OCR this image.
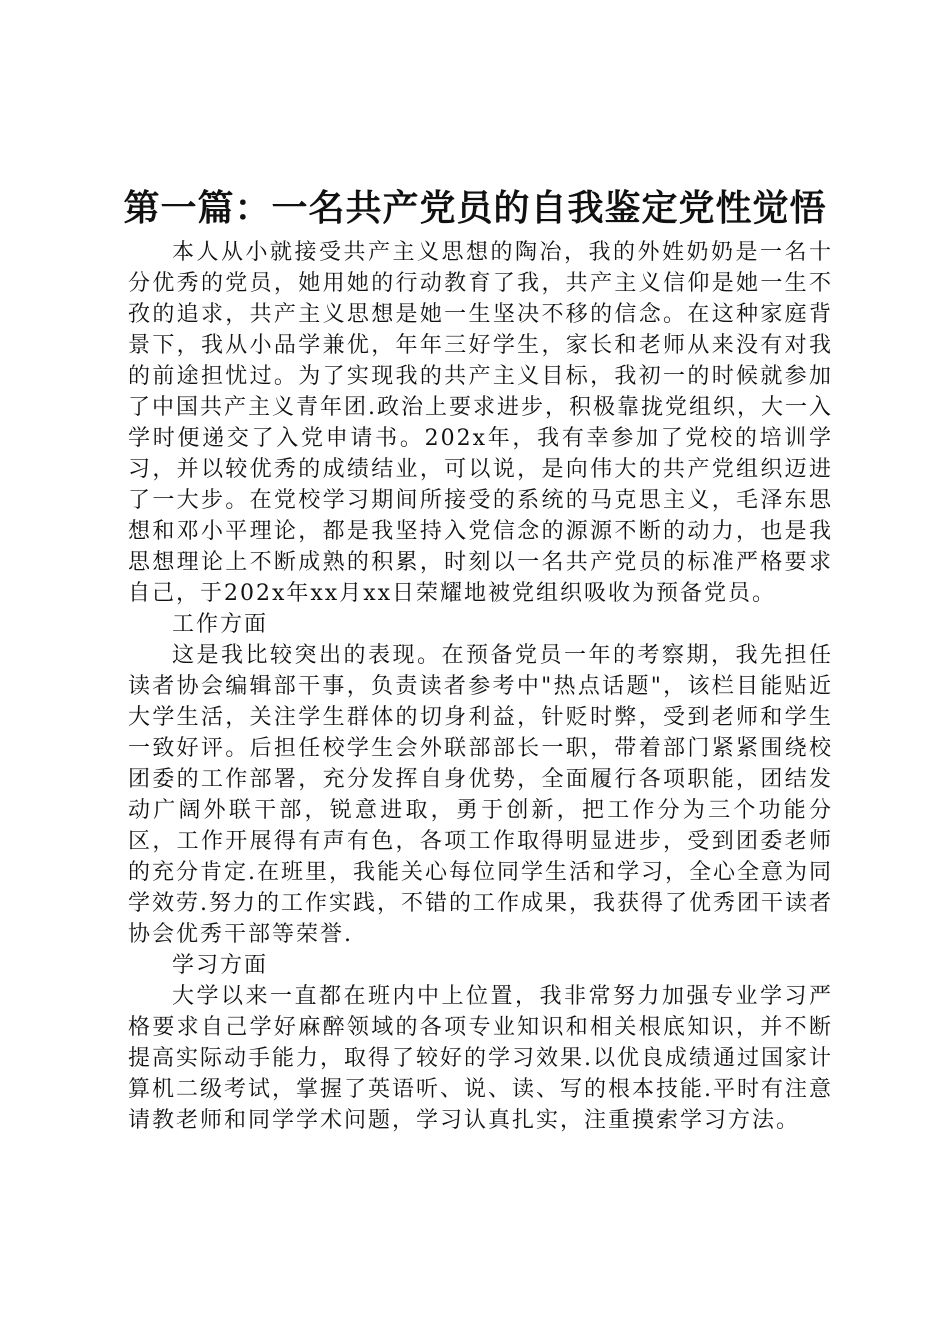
第一篇：一名共产党员的自我鉴定党性觉悟

本人从小就接受共产主义思想的陶冶，我的外姓奶奶是一名十分优秀的党员，她用她的行动教育了我，共产主义信仰是她一生不孜的追求，共产主义思想是她一生坚决不移的信念。在这种家庭背景下，我从小品学兼优，年年三好学生，家长和老师从来没有对我的前途担忧过。为了实现我的共产主义目标，我初一的时候就参加了中国共产主义青年团.政治上要求进步，积极靠拢党组织，大一入学时便递交了入党申请书。202x年，我有幸参加了党校的培训学习，并以较优秀的成绩结业，可以说，是向伟大的共产党组织迈进了一大步。在党校学习期间所接受的系统的马克思主义，毛泽东思想和邓小平理论，都是我坚持入党信念的源源不断的动力，也是我思想理论上不断成熟的积累，时刻以一名共产党员的标准严格要求自己，于202x年xx月xx日荣耀地被党组织吸收为预备党员。

工作方面

这是我比较突出的表现。在预备党员一年的考察期，我先担任读者协会编辑部干事，负责读者参考中"热点话题"，该栏目能贴近大学生活，关注学生群体的切身利益，针贬时弊，受到老师和学生一致好评。后担任校学生会外联部部长一职，带着部门紧紧围绕校团委的工作部署，充分发挥自身优势，全面履行各项职能，团结发动广阔外联干部，锐意进取，勇于创新，把工作分为三个功能分区，工作开展得有声有色，各项工作取得明显进步，受到团委老师的充分肯定.在班里，我能关心每位同学生活和学习，全心全意为同学效劳.努力的工作实践，不错的工作成果，我获得了优秀团干读者协会优秀干部等荣誉.

学习方面

大学以来一直都在班内中上位置，我非常努力加强专业学习严格要求自己学好麻醉领域的各项专业知识和相关根底知识，并不断提高实际动手能力，取得了较好的学习效果.以优良成绩通过国家计算机二级考试，掌握了英语听、说、读、写的根本技能.平时有注意请教老师和同学学术问题，学习认真扎实，注重摸索学习方法。
